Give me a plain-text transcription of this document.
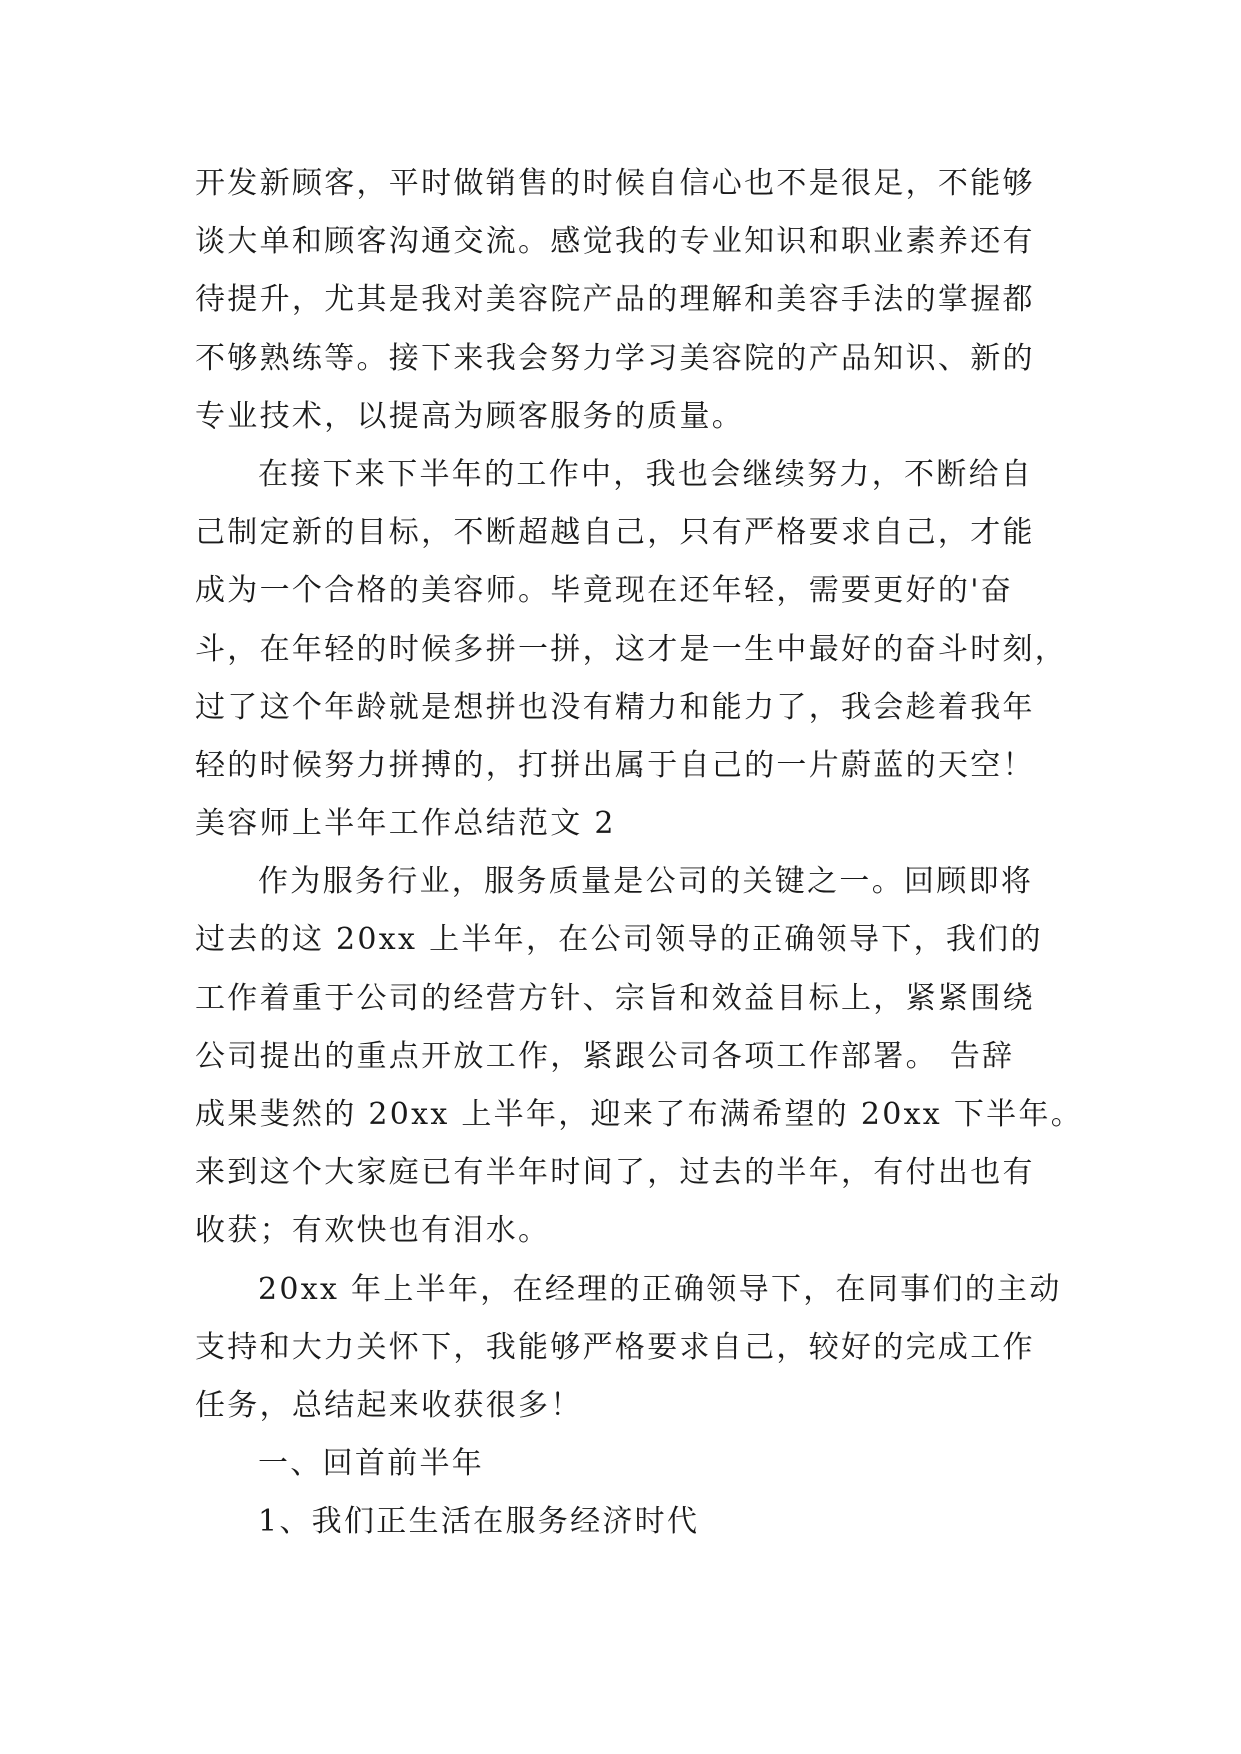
开发新顾客，平时做销售的时候自信心也不是很足，不能够
谈大单和顾客沟通交流。感觉我的专业知识和职业素养还有
待提升，尤其是我对美容院产品的理解和美容手法的掌握都
不够熟练等。接下来我会努力学习美容院的产品知识、新的
专业技术，以提高为顾客服务的质量。
在接下来下半年的工作中，我也会继续努力，不断给自
己制定新的目标，不断超越自己，只有严格要求自己，才能
成为一个合格的美容师。毕竟现在还年轻，需要更好的'奋
斗，在年轻的时候多拼一拼，这才是一生中最好的奋斗时刻，
过了这个年龄就是想拼也没有精力和能力了，我会趁着我年
轻的时候努力拼搏的，打拼出属于自己的一片蔚蓝的天空！
美容师上半年工作总结范文 2
作为服务行业，服务质量是公司的关键之一。回顾即将
过去的这 20xx 上半年，在公司领导的正确领导下，我们的
工作着重于公司的经营方针、宗旨和效益目标上，紧紧围绕
公司提出的重点开放工作，紧跟公司各项工作部署。 告辞
成果斐然的 20xx 上半年，迎来了布满希望的 20xx 下半年。
来到这个大家庭已有半年时间了，过去的半年，有付出也有
收获；有欢快也有泪水。
20xx 年上半年，在经理的正确领导下，在同事们的主动
支持和大力关怀下，我能够严格要求自己，较好的完成工作
任务，总结起来收获很多！
一、回首前半年
1、我们正生活在服务经济时代
